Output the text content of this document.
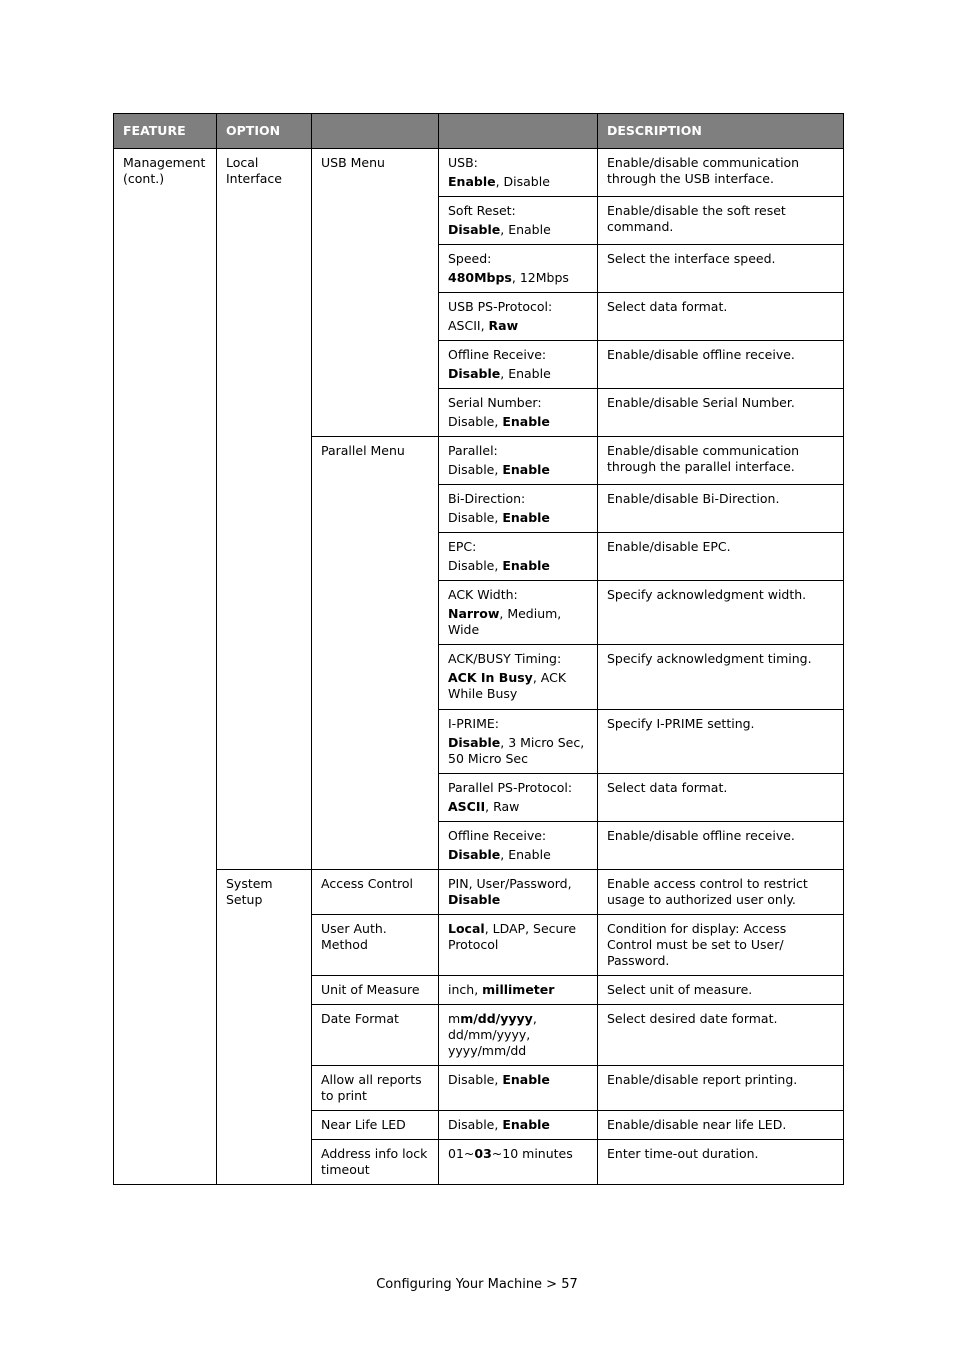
FEATURE	OPTION			DESCRIPTION
Management (cont.)	Local Interface	USB Menu	USB:
Enable, Disable	Enable/disable communication through the USB interface.

			Soft Reset:
Disable, Enable	Enable/disable the soft reset command.

			Speed:
480Mbps, 12Mbps	Select the interface speed.

			USB PS-Protocol:
ASCII, Raw	Select data format.

			Offline Receive:
Disable, Enable	Enable/disable offline receive.

			Serial Number:
Disable, Enable	Enable/disable Serial Number.
		Parallel Menu	Parallel:
Disable, Enable	Enable/disable communication through the parallel interface.

			Bi-Direction:
Disable, Enable	Enable/disable Bi-Direction.

			EPC:
Disable, Enable	Enable/disable EPC.

			ACK Width:
Narrow, Medium, Wide	Specify acknowledgment width.

			ACK/BUSY Timing:
ACK In Busy, ACK While Busy	Specify acknowledgment timing.

			I-PRIME:
Disable, 3 Micro Sec, 50 Micro Sec	Specify I-PRIME setting.

			Parallel PS-Protocol:
ASCII, Raw	Select data format.

			Offline Receive:
Disable, Enable	Enable/disable offline receive.
	System Setup	Access Control	PIN, User/Password, Disable	Enable access control to restrict usage to authorized user only.
		User Auth. Method	Local, LDAP, Secure Protocol	Condition for display: Access Control must be set to User/ Password.
		Unit of Measure	inch, millimeter	Select unit of measure.
		Date Format	mm/dd/yyyy, dd/mm/yyyy, yyyy/mm/dd	Select desired date format.
		Allow all reports to print	Disable, Enable	Enable/disable report printing.
		Near Life LED	Disable, Enable	Enable/disable near life LED.
		Address info lock timeout	01~03~10 minutes	Enter time-out duration.
Configuring Your Machine > 57
